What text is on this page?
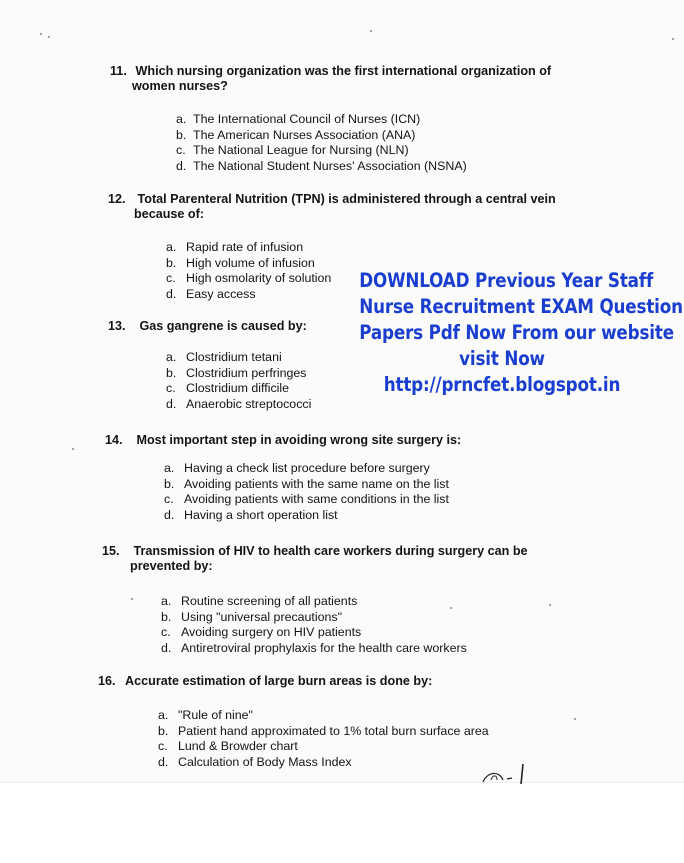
11. Which nursing organization was the first international organization of
women nurses?
a. The International Council of Nurses (ICN)
b. The American Nurses Association (ANA)
c. The National League for Nursing (NLN)
d. The National Student Nurses' Association (NSNA)
12. Total Parenteral Nutrition (TPN) is administered through a central vein
because of:
a. Rapid rate of infusion
b. High volume of infusion
c. High osmolarity of solution
d. Easy access
13. Gas gangrene is caused by:
a. Clostridium tetani
b. Clostridium perfringes
c. Clostridium difficile
d. Anaerobic streptococci
14. Most important step in avoiding wrong site surgery is:
a. Having a check list procedure before surgery
b. Avoiding patients with the same name on the list
c. Avoiding patients with same conditions in the list
d. Having a short operation list
15. Transmission of HIV to health care workers during surgery can be
prevented by:
a. Routine screening of all patients
b. Using "universal precautions"
c. Avoiding surgery on HIV patients
d. Antiretroviral prophylaxis for the health care workers
16. Accurate estimation of large burn areas is done by:
a. "Rule of nine"
b. Patient hand approximated to 1% total burn surface area
c. Lund & Browder chart
d. Calculation of Body Mass Index
DOWNLOAD Previous Year Staff
Nurse Recruitment EXAM Question
Papers Pdf Now From our website
visit Now
http://prncfet.blogspot.in
